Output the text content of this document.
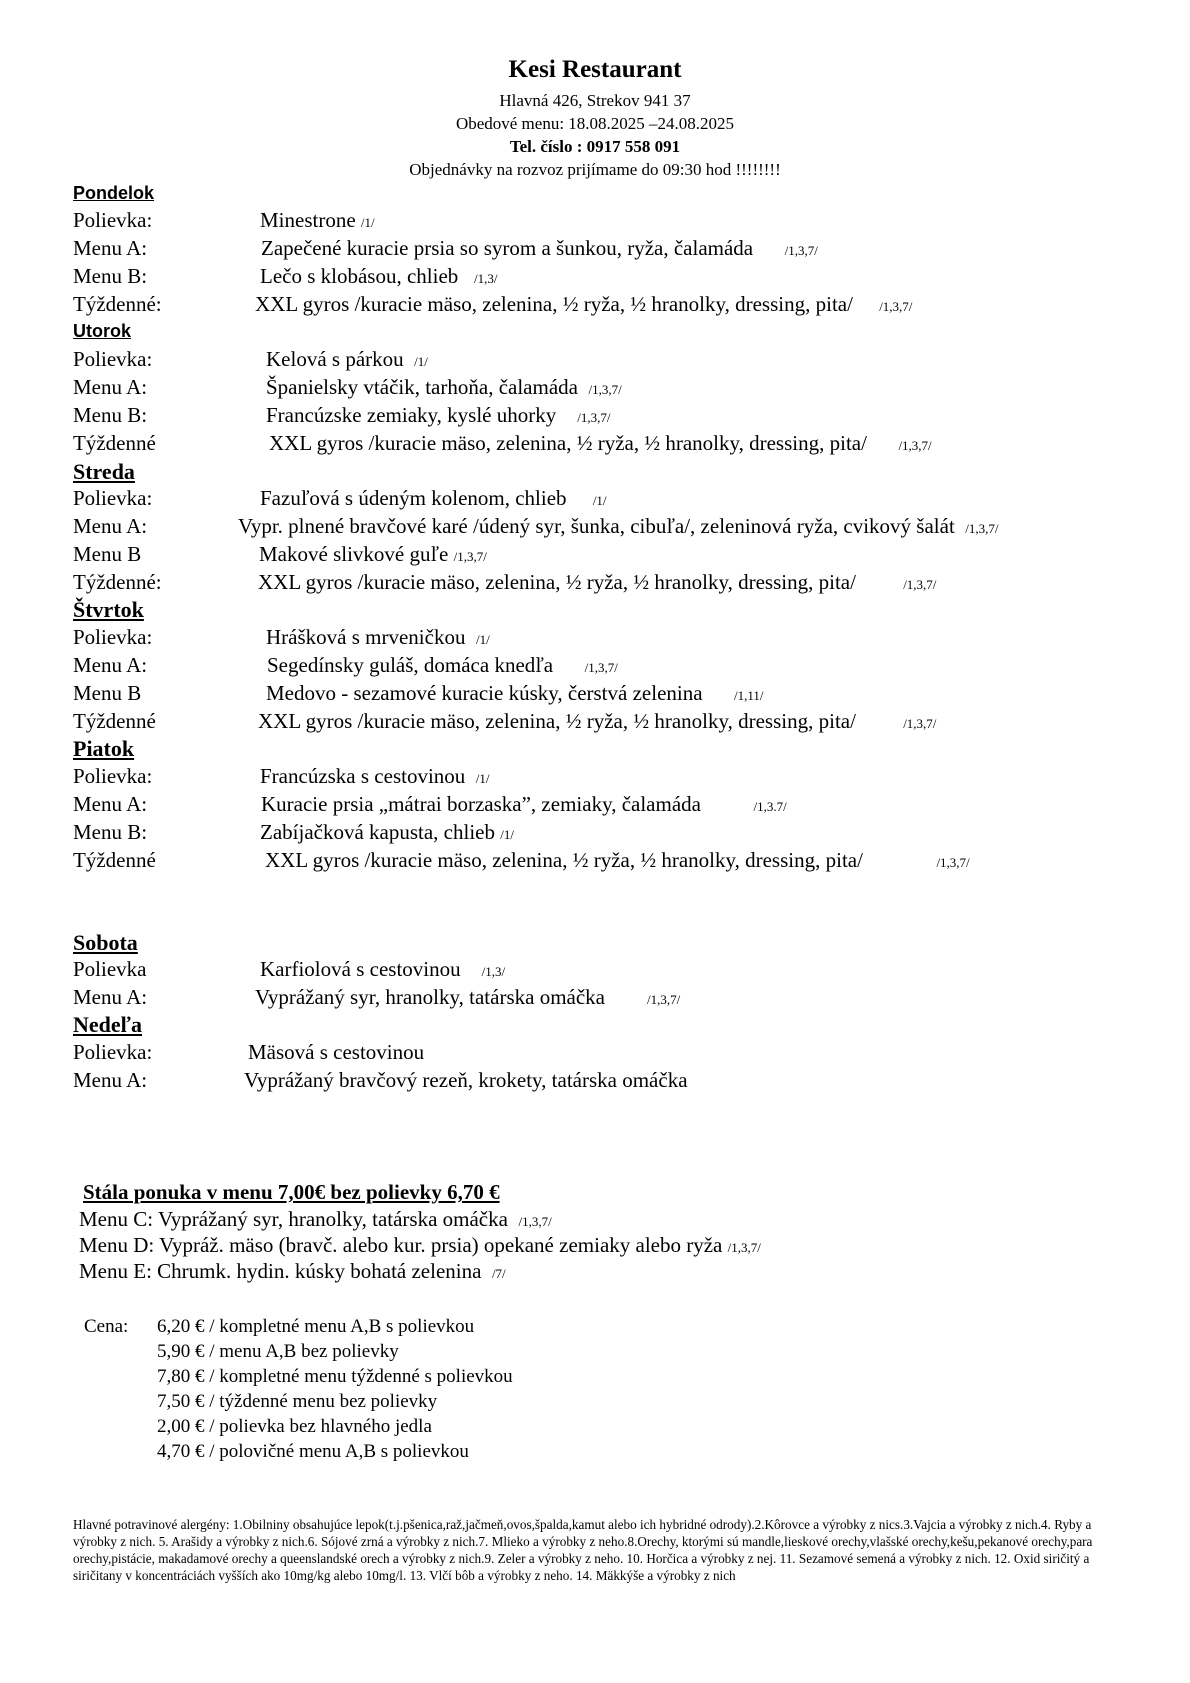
Kesi Restaurant
Hlavná 426, Strekov 941 37
Obedové menu: 18.08.2025 –24.08.2025
Tel. číslo : 0917 558 091
Objednávky na rozvoz prijímame do 09:30 hod !!!!!!!!
Pondelok
Polievka:	Minestrone /1/
Menu A:	Zapečené kuracie prsia so syrom a šunkou, ryža, čalamáda /1,3,7/
Menu B:	Lečo s klobásou, chlieb /1,3/
Týždenné:	XXL gyros /kuracie mäso, zelenina, ½ ryža, ½ hranolky, dressing, pita/ /1,3,7/
Utorok
Polievka:	Kelová s párkou /1/
Menu A:	Španielsky vtáčik, tarhoňa, čalamáda /1,3,7/
Menu B:	Francúzske zemiaky, kyslé uhorky /1,3,7/
Týždenné	XXL gyros /kuracie mäso, zelenina, ½ ryža, ½ hranolky, dressing, pita/ /1,3,7/
Streda
Polievka:	Fazuľová s údeným kolenom, chlieb /1/
Menu A:	Vypr. plnené bravčové karé /údený syr, šunka, cibuľa/, zeleninová ryža, cvikový šalát /1,3,7/
Menu B	Makové slivkové guľe /1,3,7/
Týždenné:	XXL gyros /kuracie mäso, zelenina, ½ ryža, ½ hranolky, dressing, pita/	/1,3,7/
Štvrtok
Polievka:	Hrášková s mrveničkou /1/
Menu A:	Segedínsky guláš, domáca knedľa /1,3,7/
Menu B	Medovo - sezamové kuracie kúsky, čerstvá zelenina /1,11/
Týždenné	XXL gyros /kuracie mäso, zelenina, ½ ryža, ½ hranolky, dressing, pita/	/1,3,7/
Piatok
Polievka:	Francúzska s cestovinou /1/
Menu A:	Kuracie prsia „mátrai borzaska”, zemiaky, čalamáda	/1,3.7/
Menu B:	Zabíjačková kapusta, chlieb /1/
Týždenné	XXL gyros /kuracie mäso, zelenina, ½ ryža, ½ hranolky, dressing, pita/	/1,3,7/
Sobota
Polievka	Karfiolová s cestovinou /1,3/
Menu A:	Vyprážaný syr, hranolky, tatárska omáčka	/1,3,7/
Nedeľa
Polievka:	Mäsová s cestovinou
Menu A:	Vyprážaný bravčový rezeň, krokety, tatárska omáčka
Stála ponuka v menu 7,00€ bez polievky 6,70 €
Menu C: Vyprážaný syr, hranolky, tatárska omáčka /1,3,7/
Menu D: Vypráž. mäso (bravč. alebo kur. prsia) opekané zemiaky alebo ryža /1,3,7/
Menu E: Chrumk. hydin. kúsky bohatá zelenina /7/
Cena: 6,20 € / kompletné menu A,B s polievkou
5,90 € / menu A,B bez polievky
7,80 € / kompletné menu týždenné s polievkou
7,50 € / týždenné menu bez polievky
2,00 € / polievka bez hlavného jedla
4,70 € / polovičné menu A,B s polievkou
Hlavné potravinové alergény: 1.Obilniny obsahujúce lepok(t.j.pšenica,raž,jačmeň,ovos,špalda,kamut alebo ich hybridné odrody).2.Kôrovce a výrobky z nics.3.Vajcia a výrobky z nich.4. Ryby a výrobky z nich. 5. Arašidy a výrobky z nich.6. Sójové zrná a výrobky z nich.7. Mlieko a výrobky z neho.8.Orechy, ktorými sú mandle,lieskové orechy,vlašské orechy,kešu,pekanové orechy,para orechy,pistácie, makadamové orechy a queenslandské orech a výrobky z nich.9. Zeler a výrobky z neho. 10. Horčica a výrobky z nej. 11. Sezamové semená a výrobky z nich. 12. Oxid siričitý a siričitany v koncentráciách vyšších ako 10mg/kg alebo 10mg/l. 13. Vlčí bôb a výrobky z neho. 14. Mäkkýše a výrobky z nich
